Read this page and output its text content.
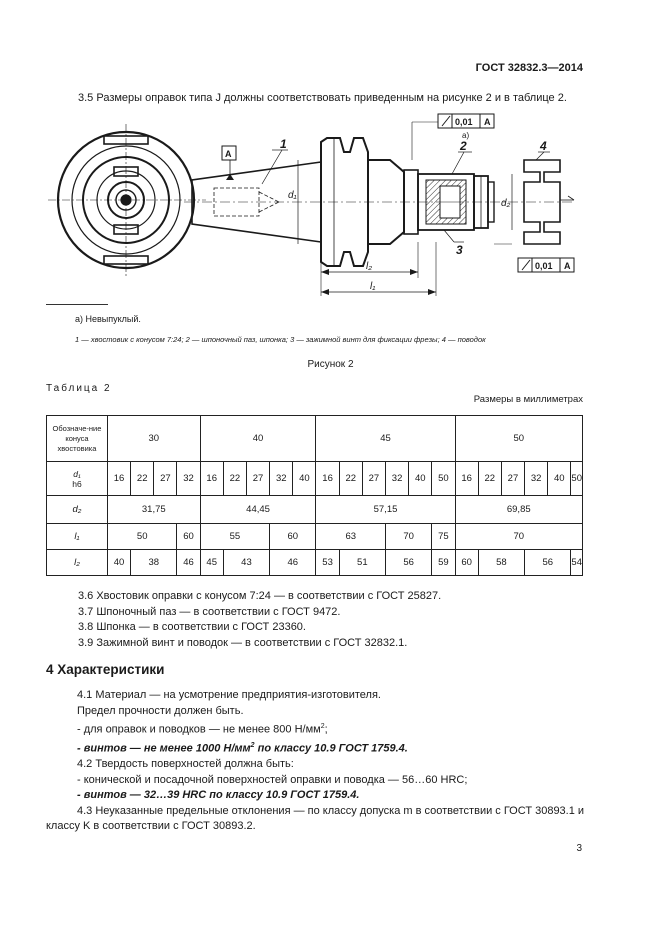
ГОСТ 32832.3—2014
3.5 Размеры оправок типа J должны соответствовать приведенным на рисунке 2 и в таблице 2.
1	2
3
4
A
0,01 A
0,01 A
а)
d₁
d₂
l₂
l₁
а) Невыпуклый.
1 — хвостовик с конусом 7:24; 2 — шпоночный паз, шпонка; 3 — зажимной винт для фиксации фрезы; 4 — поводок
Рисунок 2
Таблица 2
Размеры в миллиметрах
Обозначе-ние конуса хвостовика	30				40					45						50					

d₁
h6	16	22	27	32	16	22	27	32	40	16	22	27	32	40	50	16	22	27	32	40	50
d₂	31,75				44,45					57,15						69,85					
l₁	50			60	55			60		63			70		75	70					
l₂	40	38		46	45	43		46		53	51		56		59	60	58		56		54
3.6 Хвостовик оправки с конусом 7:24 — в соответствии с ГОСТ 25827.
3.7 Шпоночный паз — в соответствии с ГОСТ 9472.
3.8 Шпонка — в соответствии с ГОСТ 23360.
3.9 Зажимной винт и поводок — в соответствии с ГОСТ 32832.1.
4 Характеристики

4.1 Материал — на усмотрение предприятия-изготовителя.

Предел прочности должен быть.

- для оправок и поводков — не менее 800 $Н/мм^2$;

- винтов — не менее 1000 $Н/мм^2$ по классу 10.9 ГОСТ 1759.4.

4.2 Твердость поверхностей должна быть:

- конической и посадочной поверхностей оправки и поводка — 56…60 HRC;

- винтов — 32…39 HRC по классу 10.9 ГОСТ 1759.4.

4.3 Неуказанные предельные отклонения — по классу допуска m в соответствии с ГОСТ 30893.1 и классу K в соответствии с ГОСТ 30893.2.

3
